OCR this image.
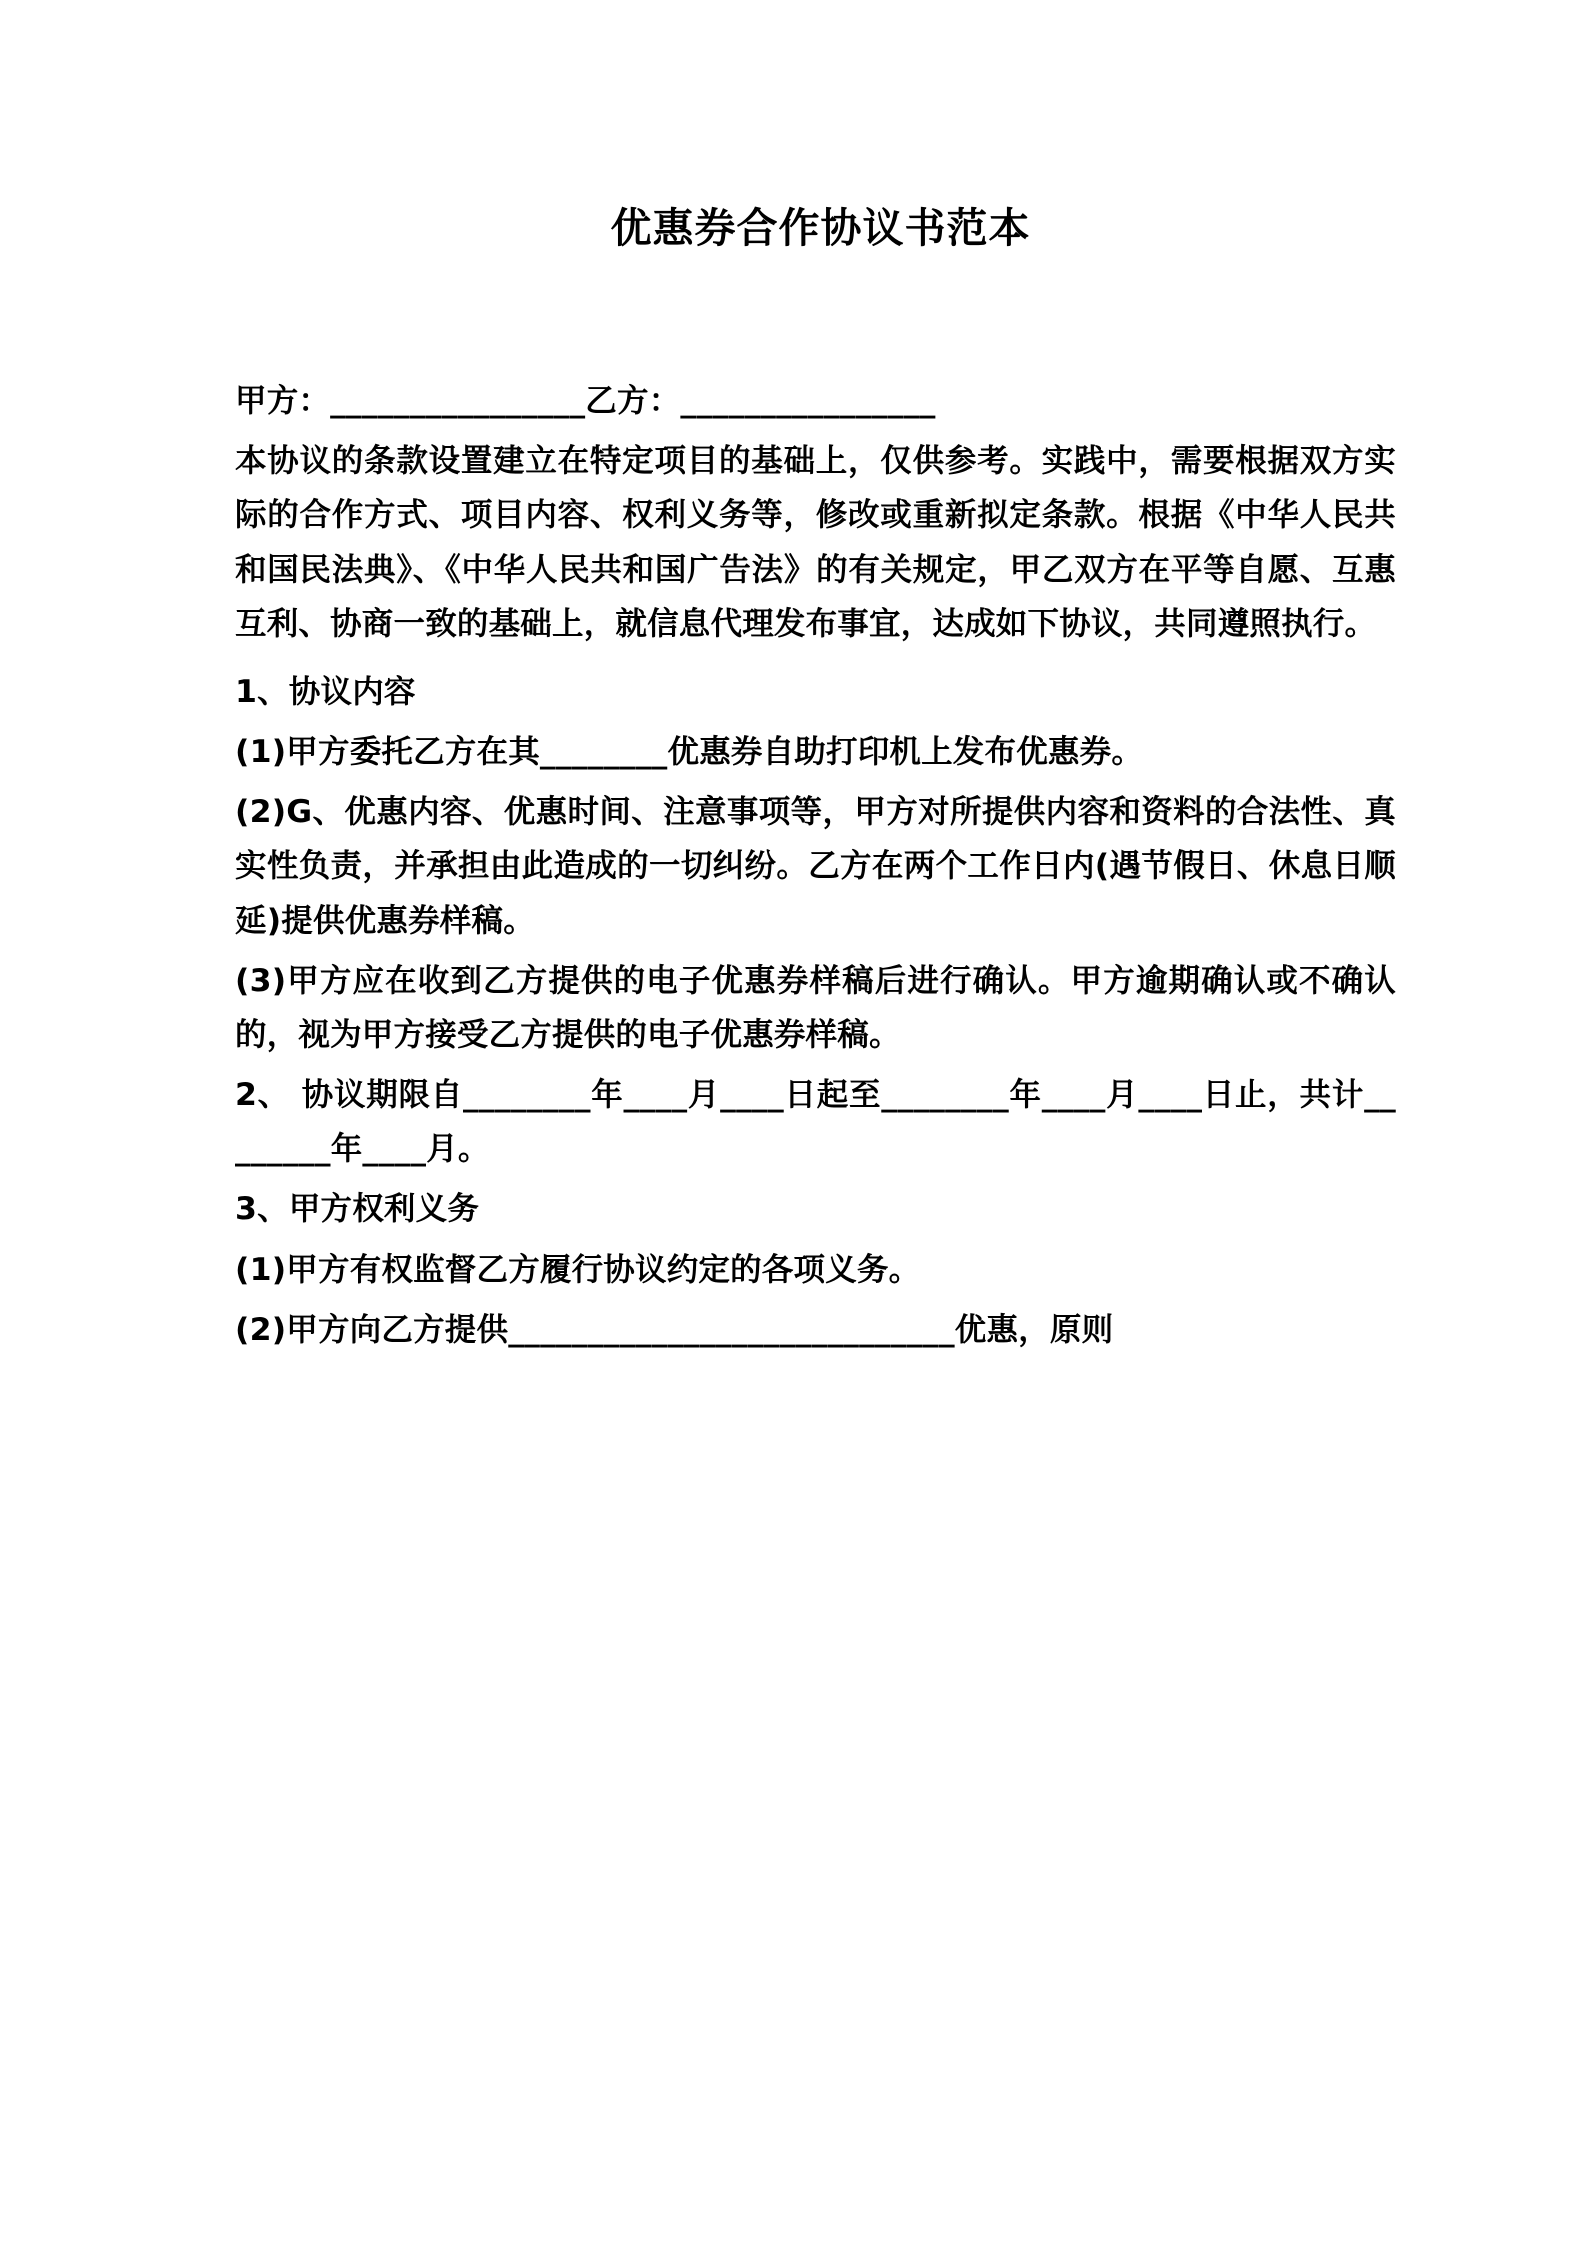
优惠券合作协议书范本

甲方：________________乙方：________________

本协议的条款设置建立在特定项目的基础上，仅供参考。实践中，需要根据双方实际的合作方式、项目内容、权利义务等，修改或重新拟定条款。根据《中华人民共和国民法典》、《中华人民共和国广告法》的有关规定，甲乙双方在平等自愿、互惠互利、协商一致的基础上，就信息代理发布事宜，达成如下协议，共同遵照执行。

1、协议内容

(1)甲方委托乙方在其________优惠券自助打印机上发布优惠券。

(2)G、优惠内容、优惠时间、注意事项等，甲方对所提供内容和资料的合法性、真实性负责，并承担由此造成的一切纠纷。乙方在两个工作日内(遇节假日、休息日顺延)提供优惠券样稿。

(3)甲方应在收到乙方提供的电子优惠券样稿后进行确认。甲方逾期确认或不确认的，视为甲方接受乙方提供的电子优惠券样稿。

2、 协议期限自________年____月____日起至________年____月____日止，共计________年____月。

3、甲方权利义务

(1)甲方有权监督乙方履行协议约定的各项义务。

(2)甲方向乙方提供____________________________优惠，原则
